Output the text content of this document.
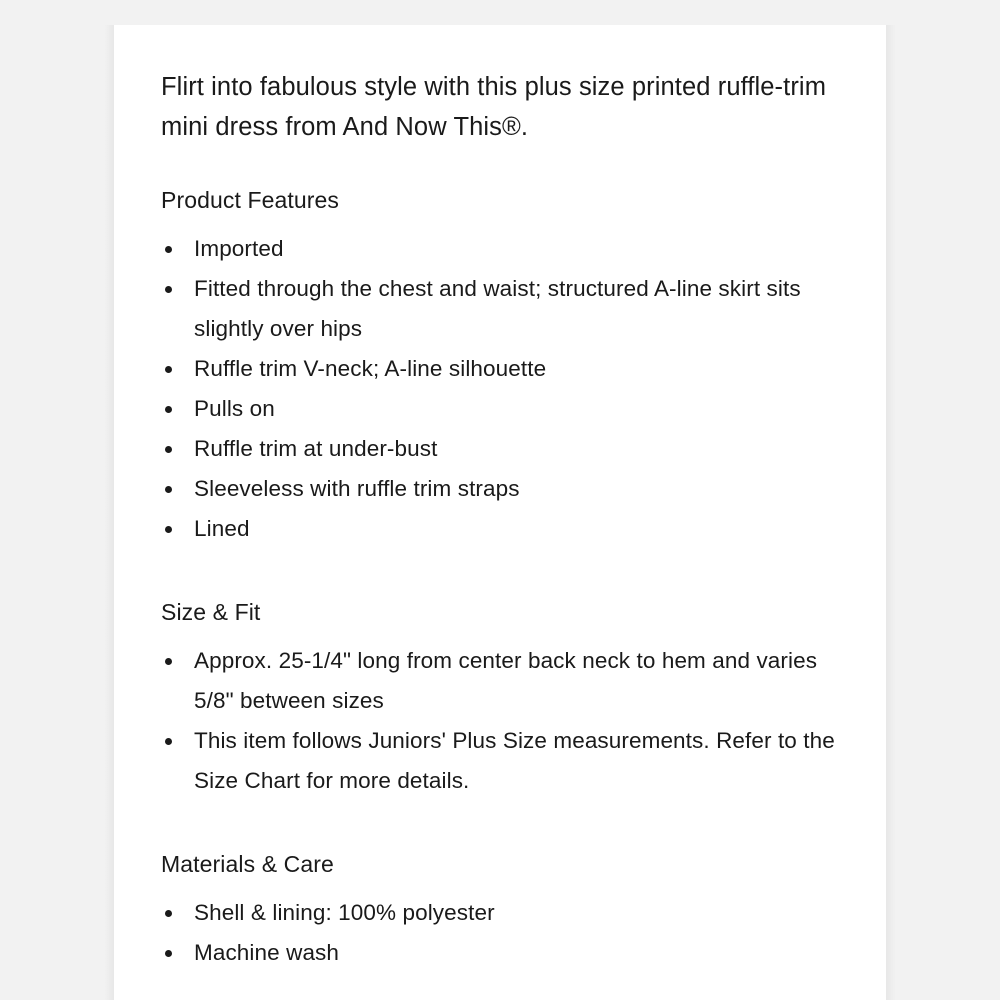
Flirt into fabulous style with this plus size printed ruffle-trim mini dress from And Now This®.

Product Features
Imported
Fitted through the chest and waist; structured A-line skirt sits slightly over hips
Ruffle trim V-neck; A-line silhouette
Pulls on
Ruffle trim at under-bust
Sleeveless with ruffle trim straps
Lined
Size & Fit
Approx. 25-1/4" long from center back neck to hem and varies 5/8" between sizes
This item follows Juniors' Plus Size measurements. Refer to the Size Chart for more details.
Materials & Care
Shell & lining: 100% polyester
Machine wash
